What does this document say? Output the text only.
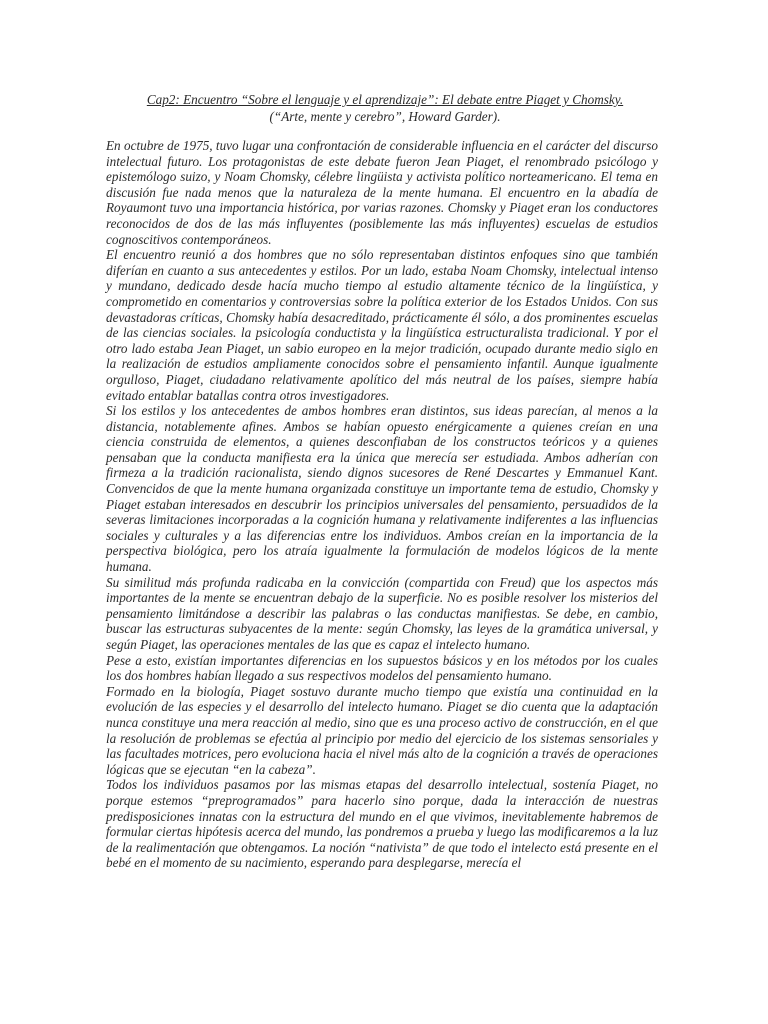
Cap2: Encuentro “Sobre el lenguaje y el aprendizaje”: El debate entre Piaget y Chomsky.
(“Arte, mente y cerebro”, Howard Garder).

En octubre de 1975, tuvo lugar una confrontación de considerable influencia en el carácter del discurso intelectual futuro. Los protagonistas de este debate fueron Jean Piaget, el renombrado psicólogo y epistemólogo suizo, y Noam Chomsky, célebre lingüista y activista político norteamericano. El tema en discusión fue nada menos que la naturaleza de la mente humana. El encuentro en la abadía de Royaumont tuvo una importancia histórica, por varias razones. Chomsky y Piaget eran los conductores reconocidos de dos de las más influyentes (posiblemente las más influyentes) escuelas de estudios cognoscitivos contemporáneos.

El encuentro reunió a dos hombres que no sólo representaban distintos enfoques sino que también diferían en cuanto a sus antecedentes y estilos. Por un lado, estaba Noam Chomsky, intelectual intenso y mundano, dedicado desde hacía mucho tiempo al estudio altamente técnico de la lingüística, y comprometido en comentarios y controversias sobre la política exterior de los Estados Unidos. Con sus devastadoras críticas, Chomsky había desacreditado, prácticamente él sólo, a dos prominentes escuelas de las ciencias sociales. la psicología conductista y la lingüística estructuralista tradicional. Y por el otro lado estaba Jean Piaget, un sabio europeo en la mejor tradición, ocupado durante medio siglo en la realización de estudios ampliamente conocidos sobre el pensamiento infantil. Aunque igualmente orgulloso, Piaget, ciudadano relativamente apolítico del más neutral de los países, siempre había evitado entablar batallas contra otros investigadores.

Si los estilos y los antecedentes de ambos hombres eran distintos, sus ideas parecían, al menos a la distancia, notablemente afines. Ambos se habían opuesto enérgicamente a quienes creían en una ciencia construida de elementos, a quienes desconfiaban de los constructos teóricos y a quienes pensaban que la conducta manifiesta era la única que merecía ser estudiada. Ambos adherían con firmeza a la tradición racionalista, siendo dignos sucesores de René Descartes y Emmanuel Kant. Convencidos de que la mente humana organizada constituye un importante tema de estudio, Chomsky y Piaget estaban interesados en descubrir los principios universales del pensamiento, persuadidos de la severas limitaciones incorporadas a la cognición humana y relativamente indiferentes a las influencias sociales y culturales y a las diferencias entre los individuos. Ambos creían en la importancia de la perspectiva biológica, pero los atraía igualmente la formulación de modelos lógicos de la mente humana.

Su similitud más profunda radicaba en la convicción (compartida con Freud) que los aspectos más importantes de la mente se encuentran debajo de la superficie. No es posible resolver los misterios del pensamiento limitándose a describir las palabras o las conductas manifiestas. Se debe, en cambio, buscar las estructuras subyacentes de la mente: según Chomsky, las leyes de la gramática universal, y según Piaget, las operaciones mentales de las que es capaz el intelecto humano.

Pese a esto, existían importantes diferencias en los supuestos básicos y en los métodos por los cuales los dos hombres habían llegado a sus respectivos modelos del pensamiento humano.

Formado en la biología, Piaget sostuvo durante mucho tiempo que existía una continuidad en la evolución de las especies y el desarrollo del intelecto humano. Piaget se dio cuenta que la adaptación nunca constituye una mera reacción al medio, sino que es una proceso activo de construcción, en el que la resolución de problemas se efectúa al principio por medio del ejercicio de los sistemas sensoriales y las facultades motrices, pero evoluciona hacia el nivel más alto de la cognición a través de operaciones lógicas que se ejecutan “en la cabeza”.

Todos los individuos pasamos por las mismas etapas del desarrollo intelectual, sostenía Piaget, no porque estemos “preprogramados” para hacerlo sino porque, dada la interacción de nuestras predisposiciones innatas con la estructura del mundo en el que vivimos, inevitablemente habremos de formular ciertas hipótesis acerca del mundo, las pondremos a prueba y luego las modificaremos a la luz de la realimentación que obtengamos. La noción “nativista” de que todo el intelecto está presente en el bebé en el momento de su nacimiento, esperando para desplegarse, merecía el
